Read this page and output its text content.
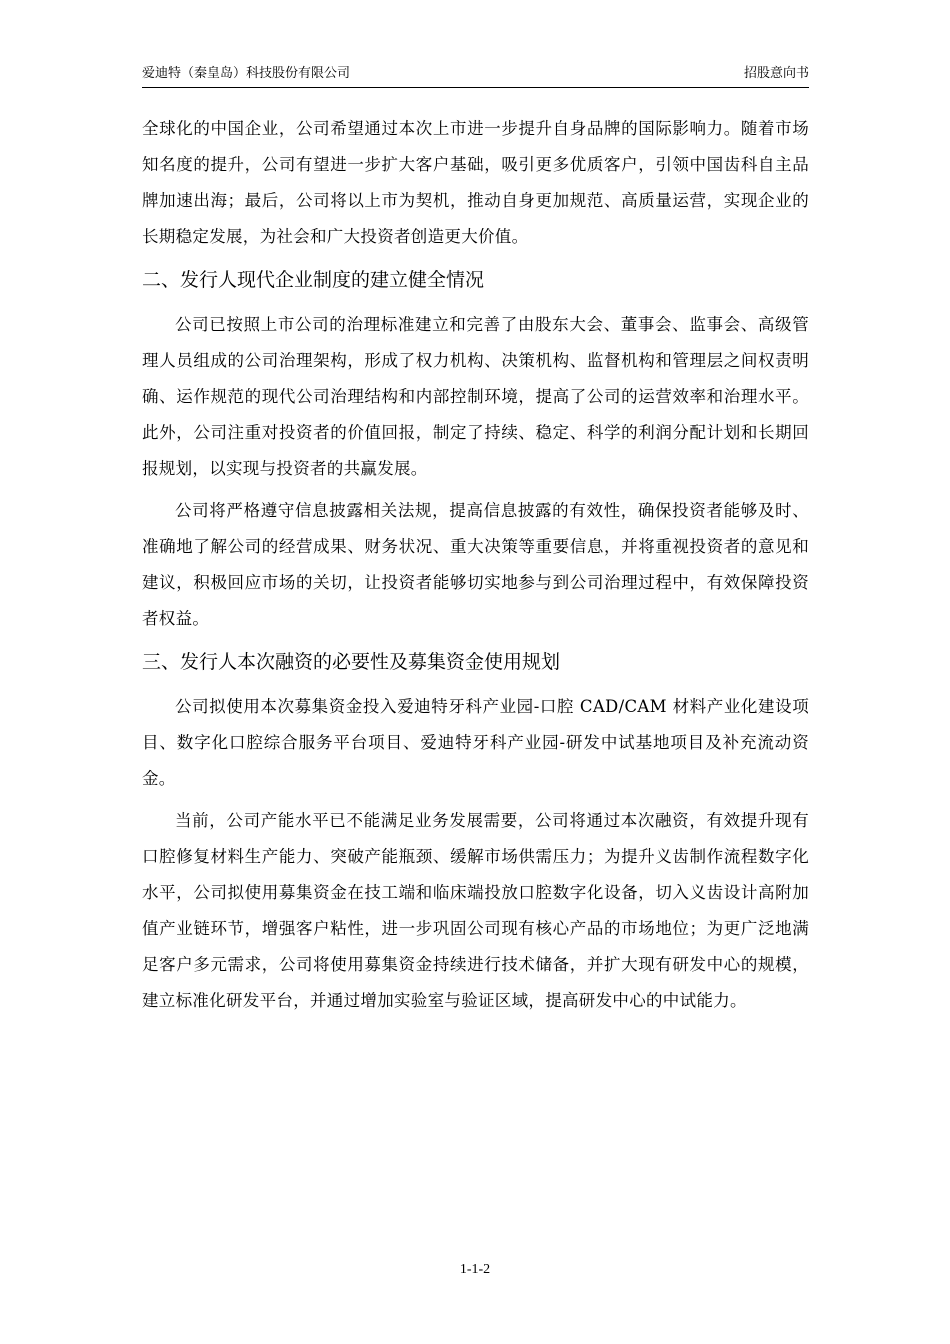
爱迪特（秦皇岛）科技股份有限公司	招股意向书

全球化的中国企业，公司希望通过本次上市进一步提升自身品牌的国际影响力。随着市场知名度的提升，公司有望进一步扩大客户基础，吸引更多优质客户，引领中国齿科自主品牌加速出海；最后，公司将以上市为契机，推动自身更加规范、高质量运营，实现企业的长期稳定发展，为社会和广大投资者创造更大价值。

二、发行人现代企业制度的建立健全情况

公司已按照上市公司的治理标准建立和完善了由股东大会、董事会、监事会、高级管理人员组成的公司治理架构，形成了权力机构、决策机构、监督机构和管理层之间权责明确、运作规范的现代公司治理结构和内部控制环境，提高了公司的运营效率和治理水平。此外，公司注重对投资者的价值回报，制定了持续、稳定、科学的利润分配计划和长期回报规划，以实现与投资者的共赢发展。

公司将严格遵守信息披露相关法规，提高信息披露的有效性，确保投资者能够及时、准确地了解公司的经营成果、财务状况、重大决策等重要信息，并将重视投资者的意见和建议，积极回应市场的关切，让投资者能够切实地参与到公司治理过程中，有效保障投资者权益。

三、发行人本次融资的必要性及募集资金使用规划

公司拟使用本次募集资金投入爱迪特牙科产业园-口腔 CAD/CAM 材料产业化建设项目、数字化口腔综合服务平台项目、爱迪特牙科产业园-研发中试基地项目及补充流动资金。

当前，公司产能水平已不能满足业务发展需要，公司将通过本次融资，有效提升现有口腔修复材料生产能力、突破产能瓶颈、缓解市场供需压力；为提升义齿制作流程数字化水平，公司拟使用募集资金在技工端和临床端投放口腔数字化设备，切入义齿设计高附加值产业链环节，增强客户粘性，进一步巩固公司现有核心产品的市场地位；为更广泛地满足客户多元需求，公司将使用募集资金持续进行技术储备，并扩大现有研发中心的规模，建立标准化研发平台，并通过增加实验室与验证区域，提高研发中心的中试能力。

1-1-2
